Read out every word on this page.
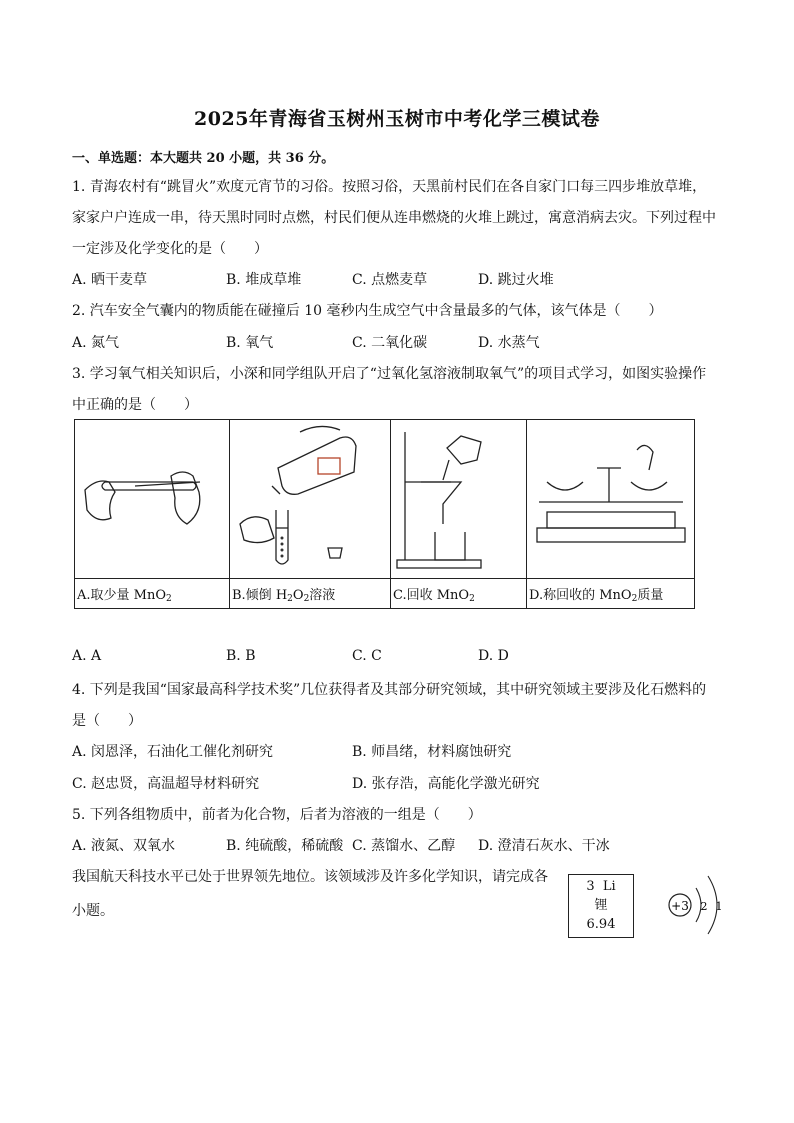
2025年青海省玉树州玉树市中考化学三模试卷
一、单选题：本大题共 20 小题，共 36 分。
1. 青海农村有“跳冒火”欢度元宵节的习俗。按照习俗，天黑前村民们在各自家门口每三四步堆放草堆，
家家户户连成一串，待天黑时同时点燃，村民们便从连串燃烧的火堆上跳过，寓意消病去灾。下列过程中
一定涉及化学变化的是（　　）
A. 晒干麦草	B. 堆成草堆	C. 点燃麦草	D. 跳过火堆
2. 汽车安全气囊内的物质能在碰撞后 10 毫秒内生成空气中含量最多的气体，该气体是（　　）
A. 氮气	B. 氧气	C. 二氧化碳	D. 水蒸气
3. 学习氧气相关知识后，小深和同学组队开启了“过氧化氢溶液制取氧气”的项目式学习，如图实验操作
中正确的是（　　）

A.取少量 MnO$_2$	B.倾倒 $H_2O_2$溶液	C.回收 MnO$_2$	D.称回收的 MnO$_2$质量
A. A	B. B	C. C	D. D
4. 下列是我国“国家最高科学技术奖”几位获得者及其部分研究领域，其中研究领域主要涉及化石燃料的
是（　　）
A. 闵恩泽，石油化工催化剂研究	B. 师昌绪，材料腐蚀研究
C. 赵忠贤，高温超导材料研究	D. 张存浩，高能化学激光研究
5. 下列各组物质中，前者为化合物，后者为溶液的一组是（　　）
A. 液氮、双氧水	B. 纯硫酸，稀硫酸 C. 蒸馏水、乙醇 D. 澄清石灰水、干冰
我国航天科技水平已处于世界领先地位。该领域涉及许多化学知识，请完成各
小题。
3 Li
锂
6.94
+3 2 1
